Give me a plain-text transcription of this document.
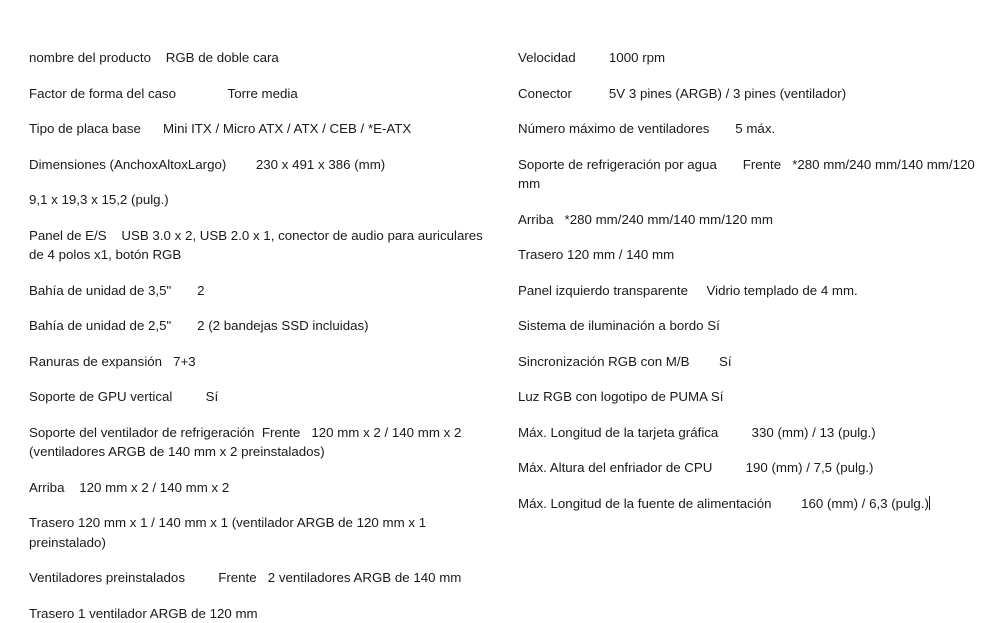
nombre del producto    RGB de doble cara
Factor de forma del caso              Torre media
Tipo de placa base      Mini ITX / Micro ATX / ATX / CEB / *E-ATX
Dimensiones (AnchoxAltoxLargo)        230 x 491 x 386 (mm)
9,1 x 19,3 x 15,2 (pulg.)
Panel de E/S    USB 3.0 x 2, USB 2.0 x 1, conector de audio para auriculares de 4 polos x1, botón RGB
Bahía de unidad de 3,5"       2
Bahía de unidad de 2,5"       2 (2 bandejas SSD incluidas)
Ranuras de expansión   7+3
Soporte de GPU vertical         Sí
Soporte del ventilador de refrigeración  Frente   120 mm x 2 / 140 mm x 2 (ventiladores ARGB de 140 mm x 2 preinstalados)
Arriba    120 mm x 2 / 140 mm x 2
Trasero 120 mm x 1 / 140 mm x 1 (ventilador ARGB de 120 mm x 1 preinstalado)
Ventiladores preinstalados         Frente   2 ventiladores ARGB de 140 mm
Trasero 1 ventilador ARGB de 120 mm
Velocidad         1000 rpm
Conector          5V 3 pines (ARGB) / 3 pines (ventilador)
Número máximo de ventiladores       5 máx.
Soporte de refrigeración por agua       Frente   *280 mm/240 mm/140 mm/120 mm
Arriba   *280 mm/240 mm/140 mm/120 mm
Trasero 120 mm / 140 mm
Panel izquierdo transparente     Vidrio templado de 4 mm.
Sistema de iluminación a bordo Sí
Sincronización RGB con M/B        Sí
Luz RGB con logotipo de PUMA Sí
Máx. Longitud de la tarjeta gráfica         330 (mm) / 13 (pulg.)
Máx. Altura del enfriador de CPU         190 (mm) / 7,5 (pulg.)
Máx. Longitud de la fuente de alimentación        160 (mm) / 6,3 (pulg.)
